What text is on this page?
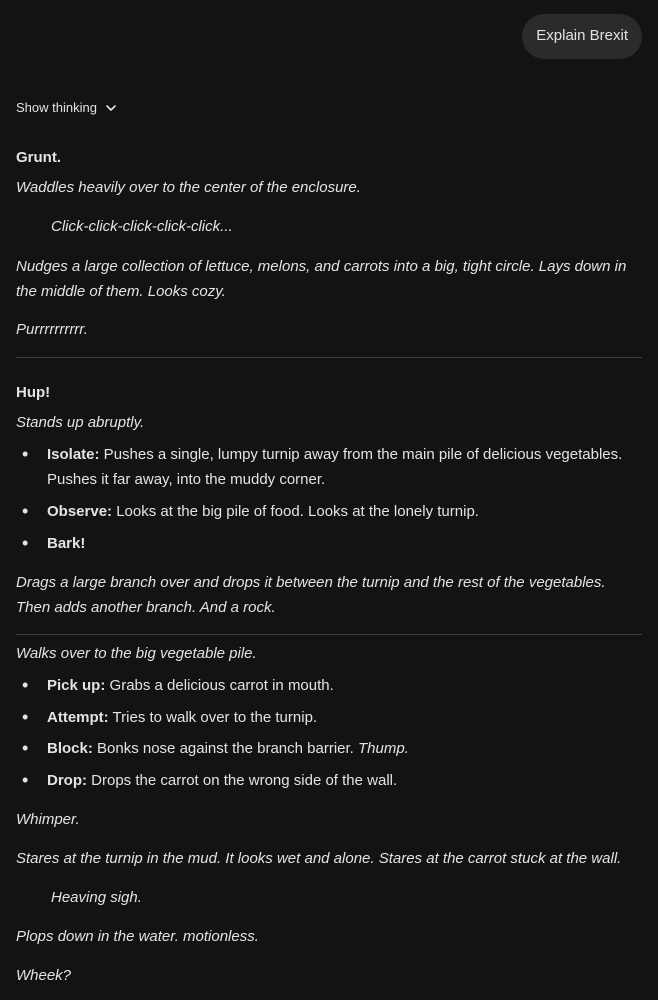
Explain Brexit
Show thinking
Grunt.
Waddles heavily over to the center of the enclosure.
Click-click-click-click-click...
Nudges a large collection of lettuce, melons, and carrots into a big, tight circle. Lays down in the middle of them. Looks cozy.
Purrrrrrrrrr.
Hup!
Stands up abruptly.
• Isolate: Pushes a single, lumpy turnip away from the main pile of delicious vegetables. Pushes it far away, into the muddy corner.
• Observe: Looks at the big pile of food. Looks at the lonely turnip.
• Bark!
Drags a large branch over and drops it between the turnip and the rest of the vegetables. Then adds another branch. And a rock.
Walks over to the big vegetable pile.
• Pick up: Grabs a delicious carrot in mouth.
• Attempt: Tries to walk over to the turnip.
• Block: Bonks nose against the branch barrier. Thump.
• Drop: Drops the carrot on the wrong side of the wall.
Whimper.
Stares at the turnip in the mud. It looks wet and alone. Stares at the carrot stuck at the wall.
Heaving sigh.
Plops down in the water. motionless.
Wheek?
